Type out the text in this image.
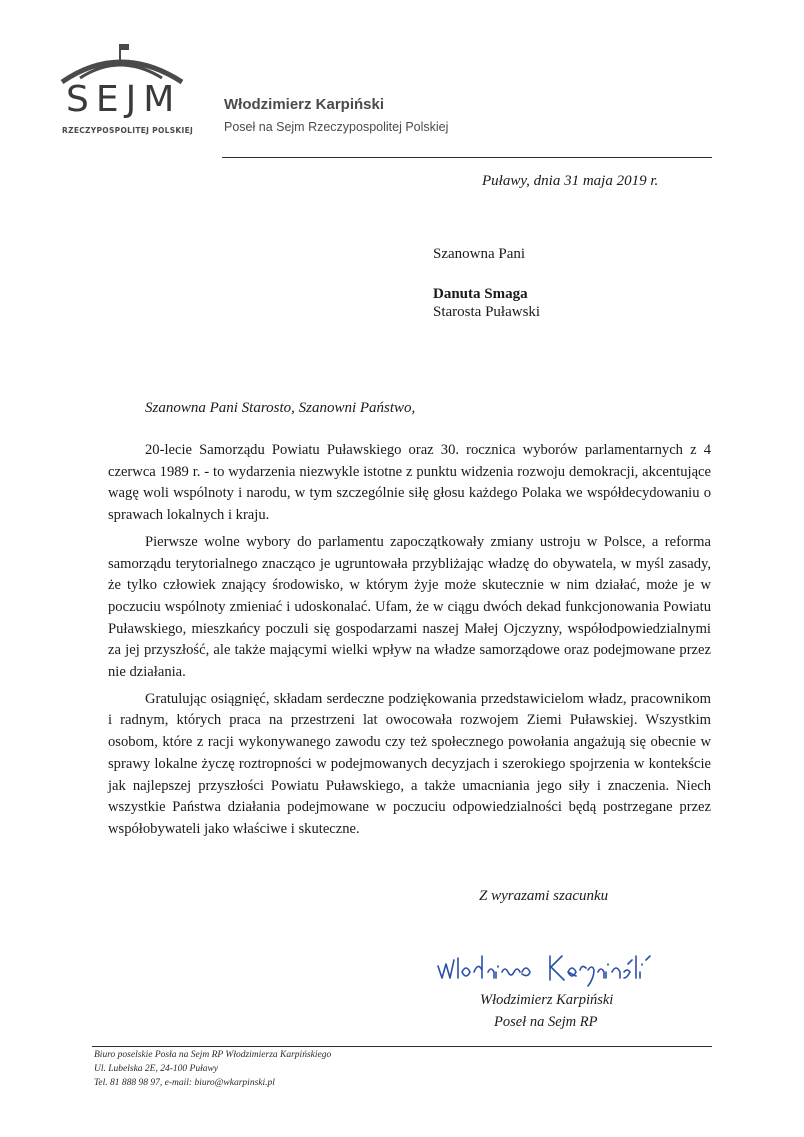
SEJM
RZECZYPOSPOLITEJ POLSKIEJ
Włodzimierz Karpiński
Poseł na Sejm Rzeczypospolitej Polskiej
Puławy, dnia 31 maja 2019 r.
Szanowna Pani
Danuta Smaga
Starosta Puławski
Szanowna Pani Starosto, Szanowni Państwo,

20-lecie Samorządu Powiatu Puławskiego oraz 30. rocznica wyborów parlamentarnych z 4 czerwca 1989 r. - to wydarzenia niezwykle istotne z punktu widzenia rozwoju demokracji, akcentujące wagę woli wspólnoty i narodu, w tym szczególnie siłę głosu każdego Polaka we współdecydowaniu o sprawach lokalnych i kraju.

Pierwsze wolne wybory do parlamentu zapoczątkowały zmiany ustroju w Polsce, a reforma samorządu terytorialnego znacząco je ugruntowała przybliżając władzę do obywatela, w myśl zasady, że tylko człowiek znający środowisko, w którym żyje może skutecznie w nim działać, może je w poczuciu wspólnoty zmieniać i udoskonalać. Ufam, że w ciągu dwóch dekad funkcjonowania Powiatu Puławskiego, mieszkańcy poczuli się gospodarzami naszej Małej Ojczyzny, współodpowiedzialnymi za jej przyszłość, ale także mającymi wielki wpływ na władze samorządowe oraz podejmowane przez nie działania.

Gratulując osiągnięć, składam serdeczne podziękowania przedstawicielom władz, pracownikom i radnym, których praca na przestrzeni lat owocowała rozwojem Ziemi Puławskiej. Wszystkim osobom, które z racji wykonywanego zawodu czy też społecznego powołania angażują się obecnie w sprawy lokalne życzę roztropności w podejmowanych decyzjach i szerokiego spojrzenia w kontekście jak najlepszej przyszłości Powiatu Puławskiego, a także umacniania jego siły i znaczenia. Niech wszystkie Państwa działania podejmowane w poczuciu odpowiedzialności będą postrzegane przez współobywateli jako właściwe i skuteczne.

Z wyrazami szacunku
Włodzimierz Karpiński
Poseł na Sejm RP
Biuro poselskie Posła na Sejm RP Włodzimierza Karpińskiego
Ul. Lubelska 2E, 24-100 Puławy
Tel. 81 888 98 97, e-mail: biuro@wkarpinski.pl
